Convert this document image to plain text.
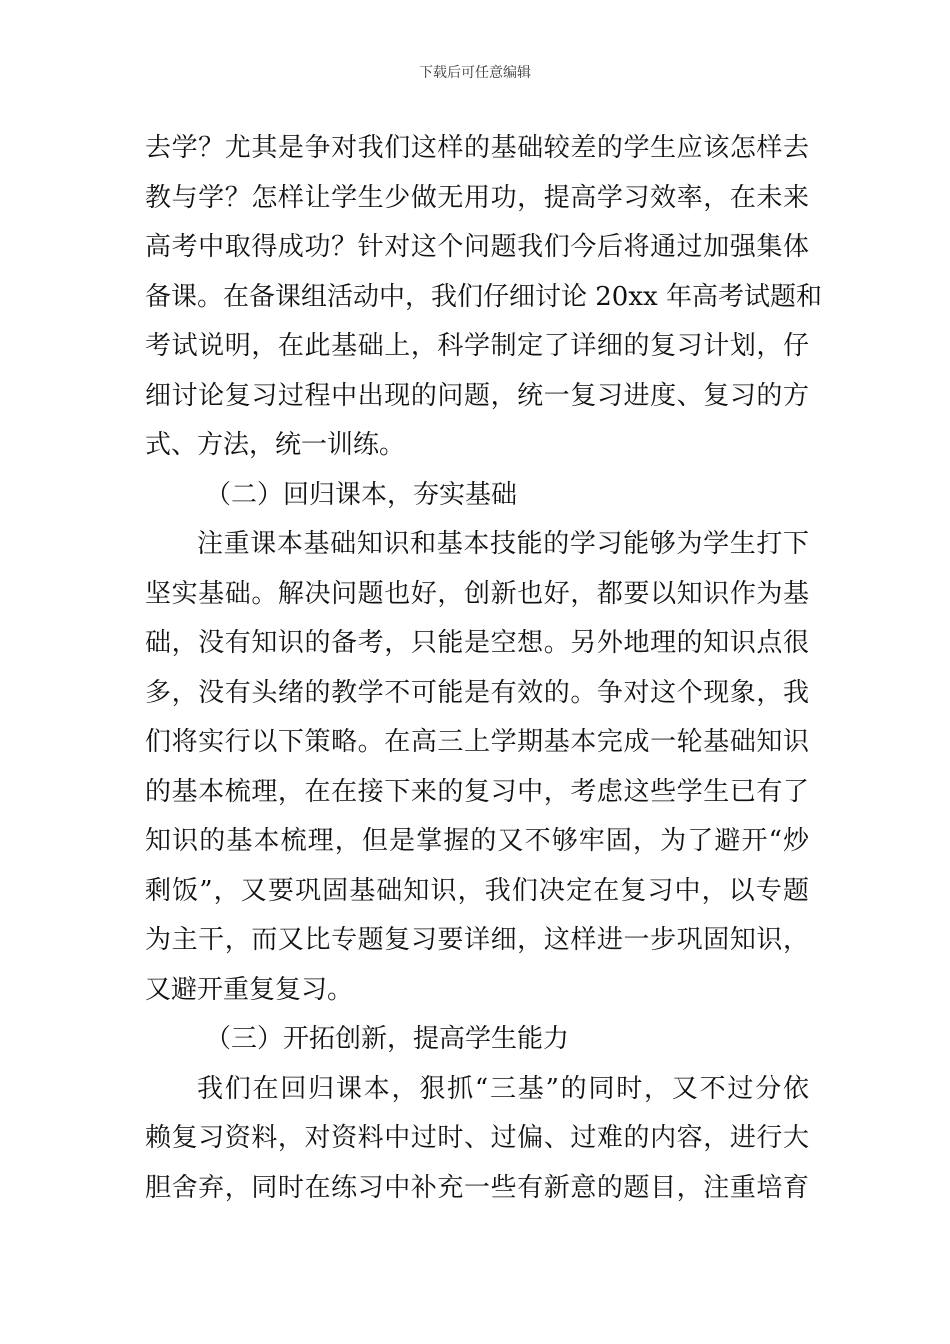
下载后可任意编辑
去学？尤其是争对我们这样的基础较差的学生应该怎样去
教与学？怎样让学生少做无用功，提高学习效率，在未来
高考中取得成功？针对这个问题我们今后将通过加强集体
备课。在备课组活动中，我们仔细讨论 20xx 年高考试题和
考试说明，在此基础上，科学制定了详细的复习计划，仔
细讨论复习过程中出现的问题，统一复习进度、复习的方
式、方法，统一训练。
（二）回归课本，夯实基础
注重课本基础知识和基本技能的学习能够为学生打下
坚实基础。解决问题也好，创新也好，都要以知识作为基
础，没有知识的备考，只能是空想。另外地理的知识点很
多，没有头绪的教学不可能是有效的。争对这个现象，我
们将实行以下策略。在高三上学期基本完成一轮基础知识
的基本梳理，在在接下来的复习中，考虑这些学生已有了
知识的基本梳理，但是掌握的又不够牢固，为了避开“炒
剩饭”，又要巩固基础知识，我们决定在复习中，以专题
为主干，而又比专题复习要详细，这样进一步巩固知识，
又避开重复复习。
（三）开拓创新，提高学生能力
我们在回归课本，狠抓“三基”的同时，又不过分依
赖复习资料，对资料中过时、过偏、过难的内容，进行大
胆舍弃，同时在练习中补充一些有新意的题目，注重培育
